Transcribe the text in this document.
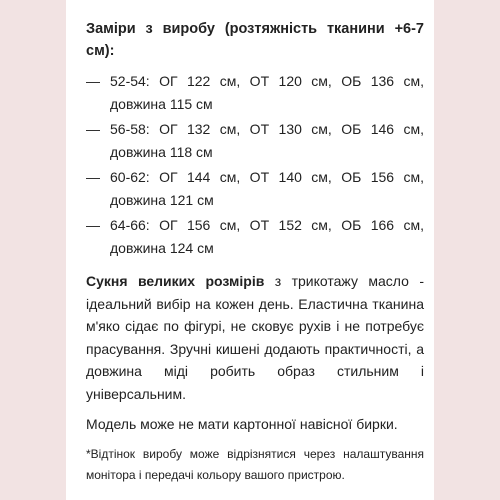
Заміри з виробу (розтяжність тканини +6-7 см):

— 52-54: ОГ 122 см, ОТ 120 см, ОБ 136 см, довжина 115 см
— 56-58: ОГ 132 см, ОТ 130 см, ОБ 146 см, довжина 118 см
— 60-62: ОГ 144 см, ОТ 140 см, ОБ 156 см, довжина 121 см
— 64-66: ОГ 156 см, ОТ 152 см, ОБ 166 см, довжина 124 см

Сукня великих розмірів з трикотажу масло - ідеальний вибір на кожен день. Еластична тканина м'яко сідає по фігурі, не сковує рухів і не потребує прасування. Зручні кишені додають практичності, а довжина міді робить образ стильним і універсальним.

Модель може не мати картонної навісної бирки.

*Відтінок виробу може відрізнятися через налаштування монітора і передачі кольору вашого пристрою.
